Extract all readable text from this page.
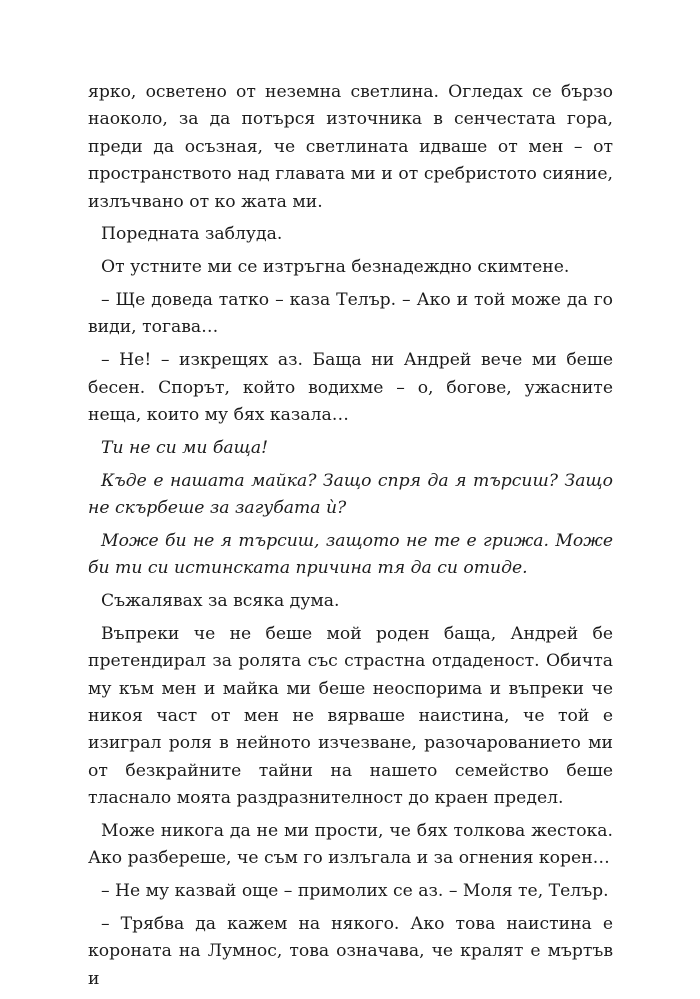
ярко, осветено от неземна светлина. Огледах се бързо наоколо, за да потърся източника в сенчестата гора, преди да осъзная, че светлината идваше от мен – от пространството над главата ми и от сребристото сияние, излъчвано от ко жата ми.

Поредната заблуда.

От устните ми се изтръгна безнадеждно скимтене.

– Ще доведа татко – каза Телър. – Ако и той може да го види, тогава…

– Не! – изкрещях аз. Баща ни Андрей вече ми беше бесен. Спорът, който водихме – о, богове, ужасните неща, които му бях казала…

Ти не си ми баща!

Къде е нашата майка? Защо спря да я търсиш? Защо не скърбеше за загубата ѝ?

Може би не я търсиш, защото не те е грижа. Може би ти си истинската причина тя да си отиде.

Съжалявах за всяка дума.

Въпреки че не беше мой роден баща, Андрей бе претендирал за ролята със страстна отдаденост. Обичта му към мен и майка ми беше неоспорима и въпреки че никоя част от мен не вярваше наистина, че той е изиграл роля в нейното изчезване, разочарованието ми от безкрайните тайни на нашето семейство беше тласнало моята раздразнителност до краен предел.

Може никога да не ми прости, че бях толкова жестока. Ако разбереше, че съм го излъгала и за огнения корен…

– Не му казвай още – примолих се аз. – Моля те, Телър.

– Трябва да кажем на някого. Ако това наистина е короната на Лумнос, това означава, че кралят е мъртъв и
